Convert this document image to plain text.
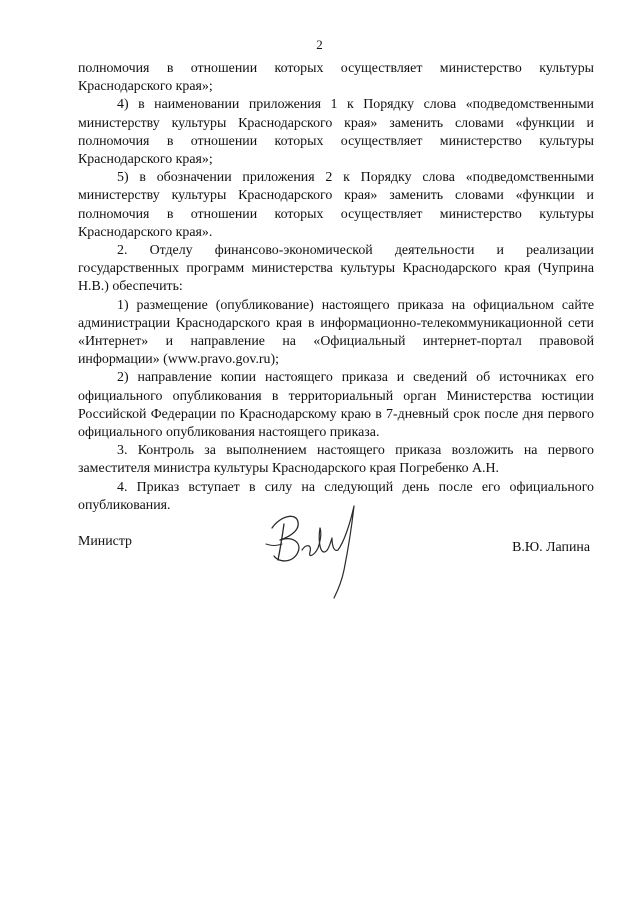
2

полномочия в отношении которых осуществляет министерство культуры Краснодарского края»;

4) в наименовании приложения 1 к Порядку слова «подведомственными министерству культуры Краснодарского края» заменить словами «функции и полномочия в отношении которых осуществляет министерство культуры Краснодарского края»;

5) в обозначении приложения 2 к Порядку слова «подведомственными министерству культуры Краснодарского края» заменить словами «функции и полномочия в отношении которых осуществляет министерство культуры Краснодарского края».

2. Отделу финансово-экономической деятельности и реализации государственных программ министерства культуры Краснодарского края (Чуприна Н.В.) обеспечить:

1) размещение (опубликование) настоящего приказа на официальном сайте администрации Краснодарского края в информационно-телекоммуникационной сети «Интернет» и направление на «Официальный интернет-портал правовой информации» (www.pravo.gov.ru);

2) направление копии настоящего приказа и сведений об источниках его официального опубликования в территориальный орган Министерства юстиции Российской Федерации по Краснодарскому краю в 7-дневный срок после дня первого официального опубликования настоящего приказа.

3. Контроль за выполнением настоящего приказа возложить на первого заместителя министра культуры Краснодарского края Погребенко А.Н.

4. Приказ вступает в силу на следующий день после его официального опубликования.

Министр	В.Ю. Лапина
